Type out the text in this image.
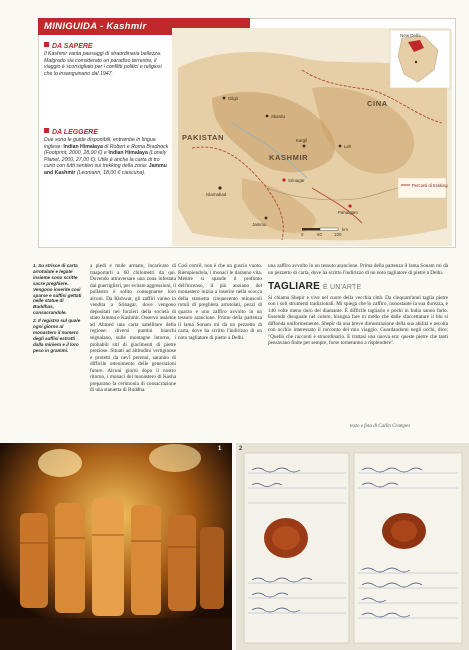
MINIGUIDA - Kashmir
DA SAPERE
Il Kashmir vanta paesaggi di straordinaria bellezza. Malgrado sia considerato un paradiso terrestre, il viaggio è sconsigliato per i conflitti politici e religiosi che lo insanguinano dal 1947.
DA LEGGERE
Due sono le guide disponibili, entrambe in lingua inglese: Indian Himalaya di Robert e Roma Bradnock (Footprint, 2000, 28,90 €) e Indian Himalaya (Lonely Planet, 2000, 27,00 €). Utile è anche la carta di tro curio con tutti sentieri sui trekking della zona: Jammu and Kashmir (Leomann, 18,00 € ciascuna).
New Delhi
CINA
PAKISTAN
KASHMIR
Srinagar
Islamabad
Leh
Kargil
Jammu
Gilgit
Skardu
Pahalgam
Percorsi di trekking
0	50	100
km

1. Su strisce di carta arrotolate e legate insieme sono scritte sacre preghiere. Vengono inserite così sparse e suffisi gettati nelle statue di Buddhas, consacrandole.

2. Il registro sul quale ogni giorno al monastero il numero degli suffisi estratti dalla miniera e il loro peso in grammi.

a piedi e mule armato, incaricato di trasportarli a 60 chilometri da qui. Dovendo attraversare una zona infestata dai guerriglieri, per evitare aggressioni, il pollastro è solito consegnarne loro alcuni. Da Kishwar, gli zaffiri vanno in vendita a Srinagar, dove vengono depositati nei forzieri della società di stato Jammu e Kashmir. Osservo assieme ad Ahmed una carta satellitare della regione: diversi puntini bianchi segnalano, sulle montagne intorno, i probabili siti di giacimenti di pietre preziose. Situati ad altitudini vertiginose e protetti da nevi perenni, saranno di difficile ottenimento delle generazioni future. Alcuni giorni dopo il nostro ritorno, i monaci del monastero di Kasha preparano la cerimonia di consacrazione di una statuetta di Buddha.
Così com'è, non è che un guscio vuoto. Riempiendola, i monaci le daranno vita. Mentre si spande il profumo dell'incenso, il più anziano del monastero inizia a inserire nella scocca della statuetta cinquecento minuscoli rotoli di preghiera arrotolati, pezzi di quarzo e uno zaffiro avvolto in un tessuto arancione. Primo della partenza il lama Sonam mi dà un pezzetto di carta, dove ha scritto l'indirizzo di un noto tagliatore di pietre a Delhi.
una zaffiro avvolto in un tessuto arancione. Prima della partenza il lama Sonam mi dà un pezzetto di carta, dove ha scritto l'indirizzo di un noto tagliatore di pietre a Delhi.
TAGLIARE È UN'ARTE
Si chiama Shepir e vive nel cuore della vecchia città. Da cinquant'anni taglia pietre con i soli strumenti tradizionali. Mi spiega che lo zaffiro, nonostante la sua durezza, è 140 volte meno duro del diamante. È difficile tagliarlo e pochi in India sanno farlo. Essendo disuguale nel colore, bisogna fare in modo che dalle sfaccettature il blu si diffonda uniformemente. Shepir dà una breve dimostrazione della sua abilità e ascolta con occhio interessato il racconto del mio viaggio. Guardandomi negli occhi, dice: "Quello che racconti è straordinario. E trattasi una nuova era: queste pietre che tanti pensavano finite per sempre, forse torneranno a risplendere".
testo e foto di Callin Crampes
1	2
